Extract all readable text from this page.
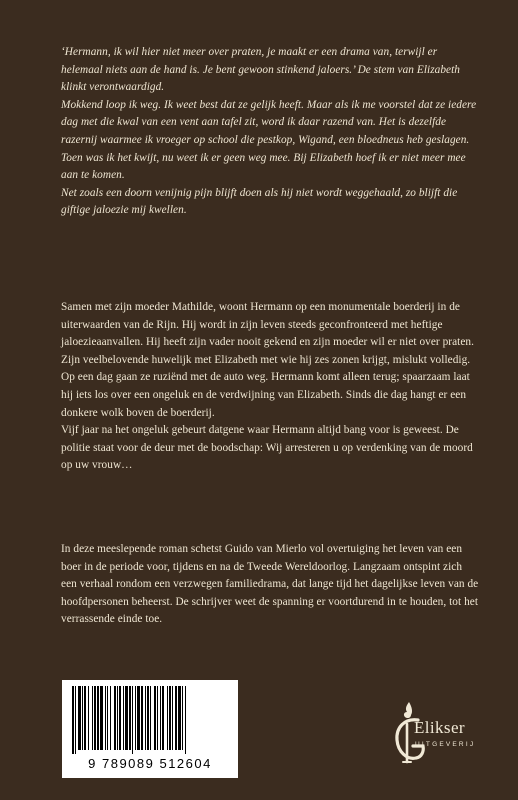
‘Hermann, ik wil hier niet meer over praten, je maakt er een drama van, terwijl er helemaal niets aan de hand is. Je bent gewoon stinkend jaloers.’ De stem van Elizabeth klinkt verontwaardigd.

Mokkend loop ik weg. Ik weet best dat ze gelijk heeft. Maar als ik me voorstel dat ze iedere dag met die kwal van een vent aan tafel zit, word ik daar razend van. Het is dezelfde razernij waarmee ik vroeger op school die pestkop, Wigand, een bloedneus heb geslagen. Toen was ik het kwijt, nu weet ik er geen weg mee. Bij Elizabeth hoef ik er niet meer mee aan te komen.

Net zoals een doorn venijnig pijn blijft doen als hij niet wordt weggehaald, zo blijft die giftige jaloezie mij kwellen.

Samen met zijn moeder Mathilde, woont Hermann op een monumentale boerderij in de uiterwaarden van de Rijn. Hij wordt in zijn leven steeds geconfronteerd met heftige jaloezieaanvallen. Hij heeft zijn vader nooit gekend en zijn moeder wil er niet over praten.

Zijn veelbelovende huwelijk met Elizabeth met wie hij zes zonen krijgt, mislukt volledig. Op een dag gaan ze ruziënd met de auto weg. Hermann komt alleen terug; spaarzaam laat hij iets los over een ongeluk en de verdwijning van Elizabeth. Sinds die dag hangt er een donkere wolk boven de boerderij.

Vijf jaar na het ongeluk gebeurt datgene waar Hermann altijd bang voor is geweest. De politie staat voor de deur met de boodschap: Wij arresteren u op verdenking van de moord op uw vrouw…

In deze meeslepende roman schetst Guido van Mierlo vol overtuiging het leven van een boer in de periode voor, tijdens en na de Tweede Wereldoorlog. Langzaam ontspint zich een verhaal rondom een verzwegen familiedrama, dat lange tijd het dagelijkse leven van de hoofdpersonen beheerst. De schrijver weet de spanning er voortdurend in te houden, tot het verrassende einde toe.

9 789089 512604
Elikser
UITGEVERIJ
